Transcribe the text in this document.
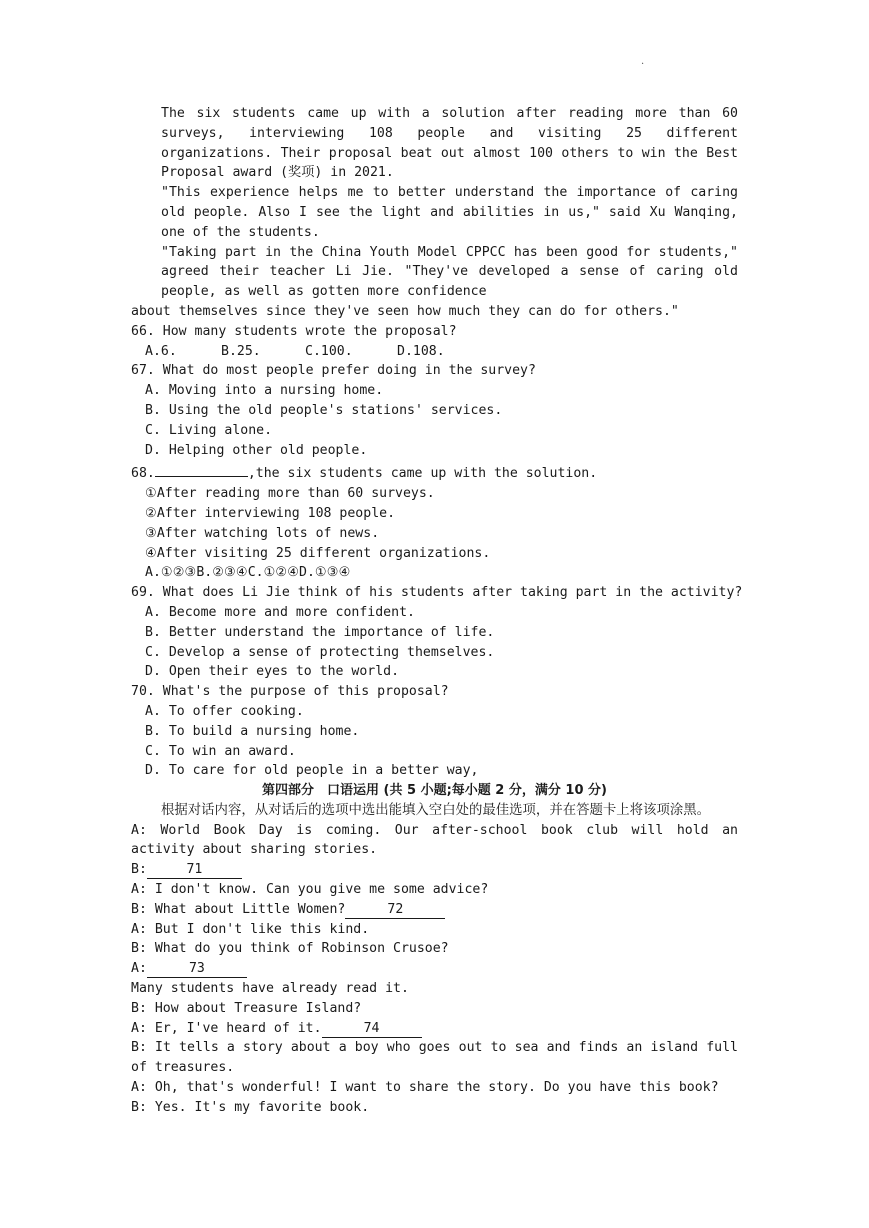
.
The six students came up with a solution after reading more than 60 surveys, interviewing 108 people and visiting 25 different organizations. Their proposal beat out almost 100 others to win the Best Proposal award (奖项) in 2021.
"This experience helps me to better understand the importance of caring old people. Also I see the light and abilities in us," said Xu Wanqing, one of the students.
"Taking part in the China Youth Model CPPCC has been good for students," agreed their teacher Li Jie. "They've developed a sense of caring old people, as well as gotten more confidence
about themselves since they've seen how much they can do for others."
66. How many students wrote the proposal?
A.6.	B.25.	C.100.	D.108.
67. What do most people prefer doing in the survey?
A. Moving into a nursing home.
B. Using the old people's stations' services.
C. Living alone.
D. Helping other old people.
68.	,the six students came up with the solution.
①After reading more than 60 surveys.
②After interviewing 108 people.
③After watching lots of news.
④After visiting 25 different organizations.
A.①②③B.②③④C.①②④D.①③④
69. What does Li Jie think of his students after taking part in the activity?
A. Become more and more confident.
B. Better understand the importance of life.
C. Develop a sense of protecting themselves.
D. Open their eyes to the world.
70. What's the purpose of this proposal?
A. To offer cooking.
B. To build a nursing home.
C. To win an award.
D. To care for old people in a better way,
第四部分　口语运用 (共 5 小题;每小题 2 分，满分 10 分)
根据对话内容，从对话后的选项中选出能填入空白处的最佳选项，并在答题卡上将该项涂黑。
A: World Book Day is coming. Our after-school book club will hold an activity about sharing stories.
B:	71
A: I don't know. Can you give me some advice?
B: What about Little Women?	72
A: But I don't like this kind.
B: What do you think of Robinson Crusoe?
A:	73
Many students have already read it.
B: How about Treasure Island?
A: Er, I've heard of it.	74
B: It tells a story about a boy who goes out to sea and finds an island full of treasures.
A: Oh, that's wonderful! I want to share the story. Do you have this book?
B: Yes. It's my favorite book.
